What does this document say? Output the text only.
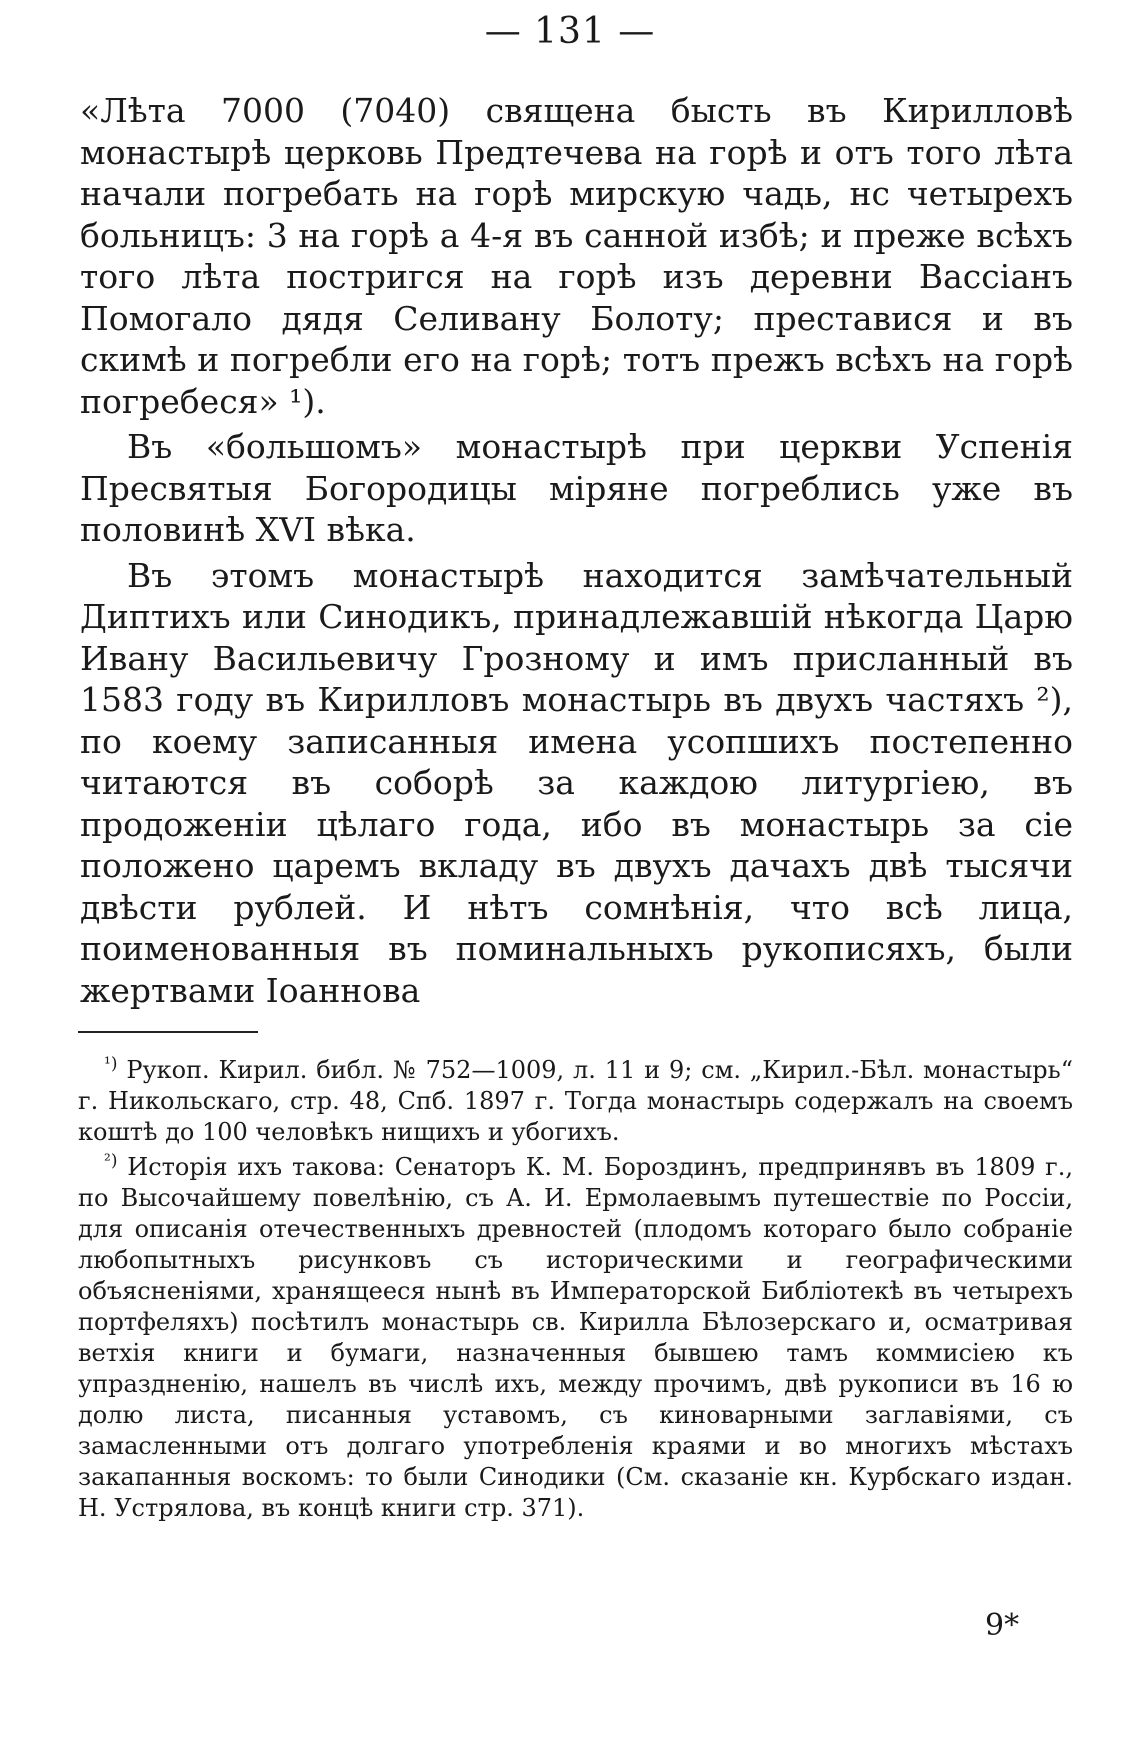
— 131 —

«Лѣта 7000 (7040) священа бысть въ Кирилловѣ монастырѣ церковь Предтечева на горѣ и отъ того лѣта начали погребать на горѣ мирскую чадь, нс четырехъ больницъ: 3 на горѣ а 4-я въ санной избѣ; и преже всѣхъ того лѣта постригся на горѣ изъ деревни Вассіанъ Помогало дядя Селивану Болоту; преставися и въ скимѣ и погребли его на горѣ; тотъ прежъ всѣхъ на горѣ погребеся» ¹).

Въ «большомъ» монастырѣ при церкви Успенія Пресвятыя Богородицы міряне погреблись уже въ половинѣ XVI вѣка.

Въ этомъ монастырѣ находится замѣчательный Диптихъ или Синодикъ, принадлежавшій нѣкогда Царю Ивану Васильевичу Грозному и имъ присланный въ 1583 году въ Кирилловъ монастырь въ двухъ частяхъ ²), по коему записанныя имена усопшихъ постепенно читаются въ соборѣ за каждою литургіею, въ продоженіи цѣлаго года, ибо въ монастырь за сіе положено царемъ вкладу въ двухъ дачахъ двѣ тысячи двѣсти рублей. И нѣтъ сомнѣнія, что всѣ лица, поименованныя въ поминальныхъ рукописяхъ, были жертвами Іоаннова

$^{^1)}$ Рукоп. Кирил. библ. № 752—1009, л. 11 и 9; см. „Кирил.-Бѣл. монастырь“ г. Никольскаго, стр. 48, Спб. 1897 г. Тогда монастырь содержалъ на своемъ коштѣ до 100 человѣкъ нищихъ и убогихъ.

$^{^2)}$ Исторія ихъ такова: Сенаторъ К. М. Бороздинъ, предпринявъ въ 1809 г., по Высочайшему повелѣнію, съ А. И. Ермолаевымъ путешествіе по Россіи, для описанія отечественныхъ древностей (плодомъ котораго было собраніе любопытныхъ рисунковъ съ историческими и географическими объясненіями, хранящееся нынѣ въ Императорской Библіотекѣ въ четырехъ портфеляхъ) посѣтилъ монастырь св. Кирилла Бѣлозерскаго и, осматривая ветхія книги и бумаги, назначенныя бывшею тамъ коммисіею къ упраздненію, нашелъ въ числѣ ихъ, между прочимъ, двѣ рукописи въ 16 ю долю листа, писанныя уставомъ, съ киноварными заглавіями, съ замасленными отъ долгаго употребленія краями и во многихъ мѣстахъ закапанныя воскомъ: то были Синодики (См. сказаніе кн. Курбскаго издан. Н. Устрялова, въ концѣ книги стр. 371).

9*
